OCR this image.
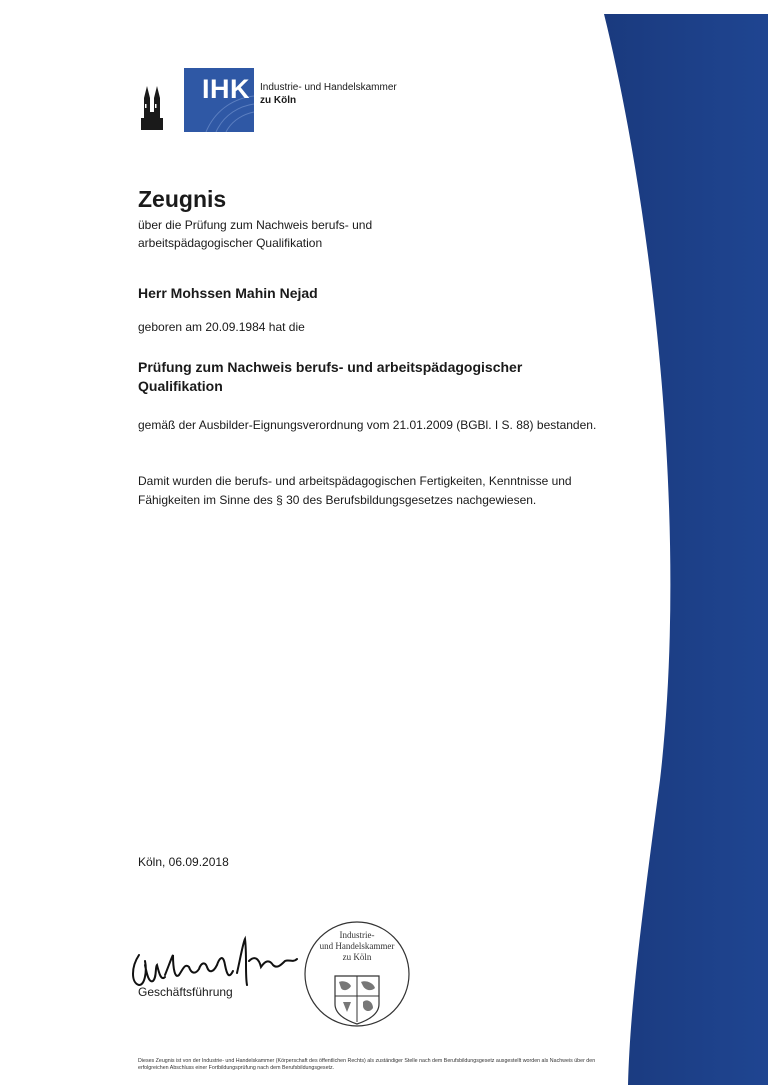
IHK Industrie- und Handelskammer
zu Köln
Zeugnis
über die Prüfung zum Nachweis berufs- und arbeitspädagogischer Qualifikation
Herr Mohssen Mahin Nejad
geboren am 20.09.1984 hat die
Prüfung zum Nachweis berufs- und arbeitspädagogischer Qualifikation
gemäß der Ausbilder-Eignungsverordnung vom 21.01.2009 (BGBl. I S. 88) bestanden.
Damit wurden die berufs- und arbeitspädagogischen Fertigkeiten, Kenntnisse und Fähigkeiten im Sinne des § 30 des Berufsbildungsgesetzes nachgewiesen.
Köln, 06.09.2018
Geschäftsführung
Industrie-
und Handelskammer
zu Köln
Dieses Zeugnis ist von der Industrie- und Handelskammer (Körperschaft des öffentlichen Rechts) als zuständiger Stelle nach dem Berufsbildungsgesetz ausgestellt worden als Nachweis über den erfolgreichen Abschluss einer Fortbildungsprüfung nach dem Berufsbildungsgesetz.
